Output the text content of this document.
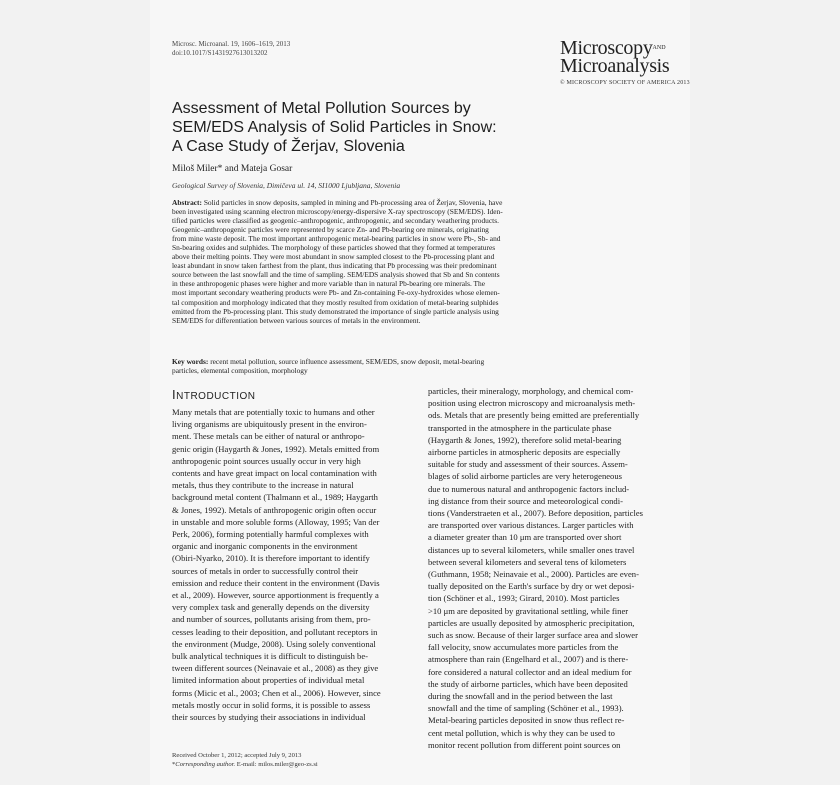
Microsc. Microanal. 19, 1606–1619, 2013
doi:10.1017/S1431927613013202	Microscopy$^{AND}$
Microanalysis
© MICROSCOPY SOCIETY OF AMERICA 2013
Assessment of Metal Pollution Sources by
SEM/EDS Analysis of Solid Particles in Snow:
A Case Study of Žerjav, Slovenia
Miloš Miler* and Mateja Gosar
Geological Survey of Slovenia, Dimičeva ul. 14, SI1000 Ljubljana, Slovenia
Abstract: Solid particles in snow deposits, sampled in mining and Pb-processing area of Žerjav, Slovenia, have
been investigated using scanning electron microscopy/energy-dispersive X-ray spectroscopy (SEM/EDS). Iden-
tified particles were classified as geogenic–anthropogenic, anthropogenic, and secondary weathering products.
Geogenic–anthropogenic particles were represented by scarce Zn- and Pb-bearing ore minerals, originating
from mine waste deposit. The most important anthropogenic metal-bearing particles in snow were Pb-, Sb- and
Sn-bearing oxides and sulphides. The morphology of these particles showed that they formed at temperatures
above their melting points. They were most abundant in snow sampled closest to the Pb-processing plant and
least abundant in snow taken farthest from the plant, thus indicating that Pb processing was their predominant
source between the last snowfall and the time of sampling. SEM/EDS analysis showed that Sb and Sn contents
in these anthropogenic phases were higher and more variable than in natural Pb-bearing ore minerals. The
most important secondary weathering products were Pb- and Zn-containing Fe-oxy-hydroxides whose elemen-
tal composition and morphology indicated that they mostly resulted from oxidation of metal-bearing sulphides
emitted from the Pb-processing plant. This study demonstrated the importance of single particle analysis using
SEM/EDS for differentiation between various sources of metals in the environment.
Key words: recent metal pollution, source influence assessment, SEM/EDS, snow deposit, metal-bearing
particles, elemental composition, morphology
INTRODUCTION
Many metals that are potentially toxic to humans and other
living organisms are ubiquitously present in the environ-
ment. These metals can be either of natural or anthropo-
genic origin (Haygarth & Jones, 1992). Metals emitted from
anthropogenic point sources usually occur in very high
contents and have great impact on local contamination with
metals, thus they contribute to the increase in natural
background metal content (Thalmann et al., 1989; Haygarth
& Jones, 1992). Metals of anthropogenic origin often occur
in unstable and more soluble forms (Alloway, 1995; Van der
Perk, 2006), forming potentially harmful complexes with
organic and inorganic components in the environment
(Obiri-Nyarko, 2010). It is therefore important to identify
sources of metals in order to successfully control their
emission and reduce their content in the environment (Davis
et al., 2009). However, source apportionment is frequently a
very complex task and generally depends on the diversity
and number of sources, pollutants arising from them, pro-
cesses leading to their deposition, and pollutant receptors in
the environment (Mudge, 2008). Using solely conventional
bulk analytical techniques it is difficult to distinguish be-
tween different sources (Neinavaie et al., 2008) as they give
limited information about properties of individual metal
forms (Micic et al., 2003; Chen et al., 2006). However, since
metals mostly occur in solid forms, it is possible to assess
their sources by studying their associations in individual
particles, their mineralogy, morphology, and chemical com-
position using electron microscopy and microanalysis meth-
ods. Metals that are presently being emitted are preferentially
transported in the atmosphere in the particulate phase
(Haygarth & Jones, 1992), therefore solid metal-bearing
airborne particles in atmospheric deposits are especially
suitable for study and assessment of their sources. Assem-
blages of solid airborne particles are very heterogeneous
due to numerous natural and anthropogenic factors includ-
ing distance from their source and meteorological condi-
tions (Vanderstraeten et al., 2007). Before deposition, particles
are transported over various distances. Larger particles with
a diameter greater than 10 μm are transported over short
distances up to several kilometers, while smaller ones travel
between several kilometers and several tens of kilometers
(Guthmann, 1958; Neinavaie et al., 2000). Particles are even-
tually deposited on the Earth's surface by dry or wet deposi-
tion (Schöner et al., 1993; Girard, 2010). Most particles
>10 μm are deposited by gravitational settling, while finer
particles are usually deposited by atmospheric precipitation,
such as snow. Because of their larger surface area and slower
fall velocity, snow accumulates more particles from the
atmosphere than rain (Engelhard et al., 2007) and is there-
fore considered a natural collector and an ideal medium for
the study of airborne particles, which have been deposited
during the snowfall and in the period between the last
snowfall and the time of sampling (Schöner et al., 1993).
Metal-bearing particles deposited in snow thus reflect re-
cent metal pollution, which is why they can be used to
monitor recent pollution from different point sources on
Received October 1, 2012; accepted July 9, 2013
*Corresponding author. E-mail: milos.miler@geo-zs.si
